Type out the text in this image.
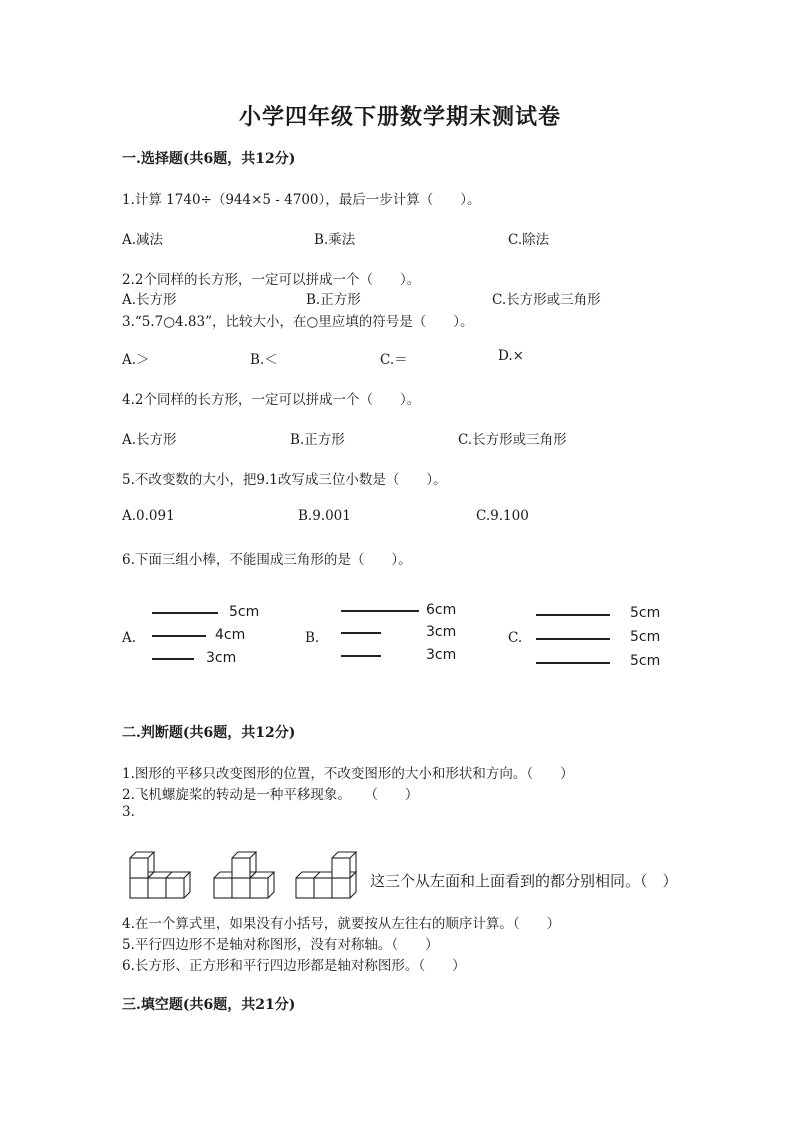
小学四年级下册数学期末测试卷
一.选择题(共6题，共12分)
1.计算 1740÷（944×5 - 4700），最后一步计算（　　）。
A.减法	B.乘法	C.除法
2.2个同样的长方形，一定可以拼成一个（　　）。
A.长方形	B.正方形	C.长方形或三角形
3.“5.7○4.83”，比较大小，在○里应填的符号是（　　）。
A.＞	B.＜	C.＝	D.×
4.2个同样的长方形，一定可以拼成一个（　　）。
A.长方形	B.正方形	C.长方形或三角形
5.不改变数的大小，把9.1改写成三位小数是（　　）。
A.0.091	B.9.001	C.9.100
6.下面三组小棒，不能围成三角形的是（　　）。
A.
5cm
4cm
3cm
B.
6cm
3cm
3cm
C.
5cm
5cm
5cm
二.判断题(共6题，共12分)
1.图形的平移只改变图形的位置，不改变图形的大小和形状和方向。（　　）
2.飞机螺旋桨的转动是一种平移现象。　　（　　）
3.
这三个从左面和上面看到的都分别相同。（　）
4.在一个算式里，如果没有小括号，就要按从左往右的顺序计算。（　　）
5.平行四边形不是轴对称图形，没有对称轴。（　　）
6.长方形、正方形和平行四边形都是轴对称图形。（　　）
三.填空题(共6题，共21分)
